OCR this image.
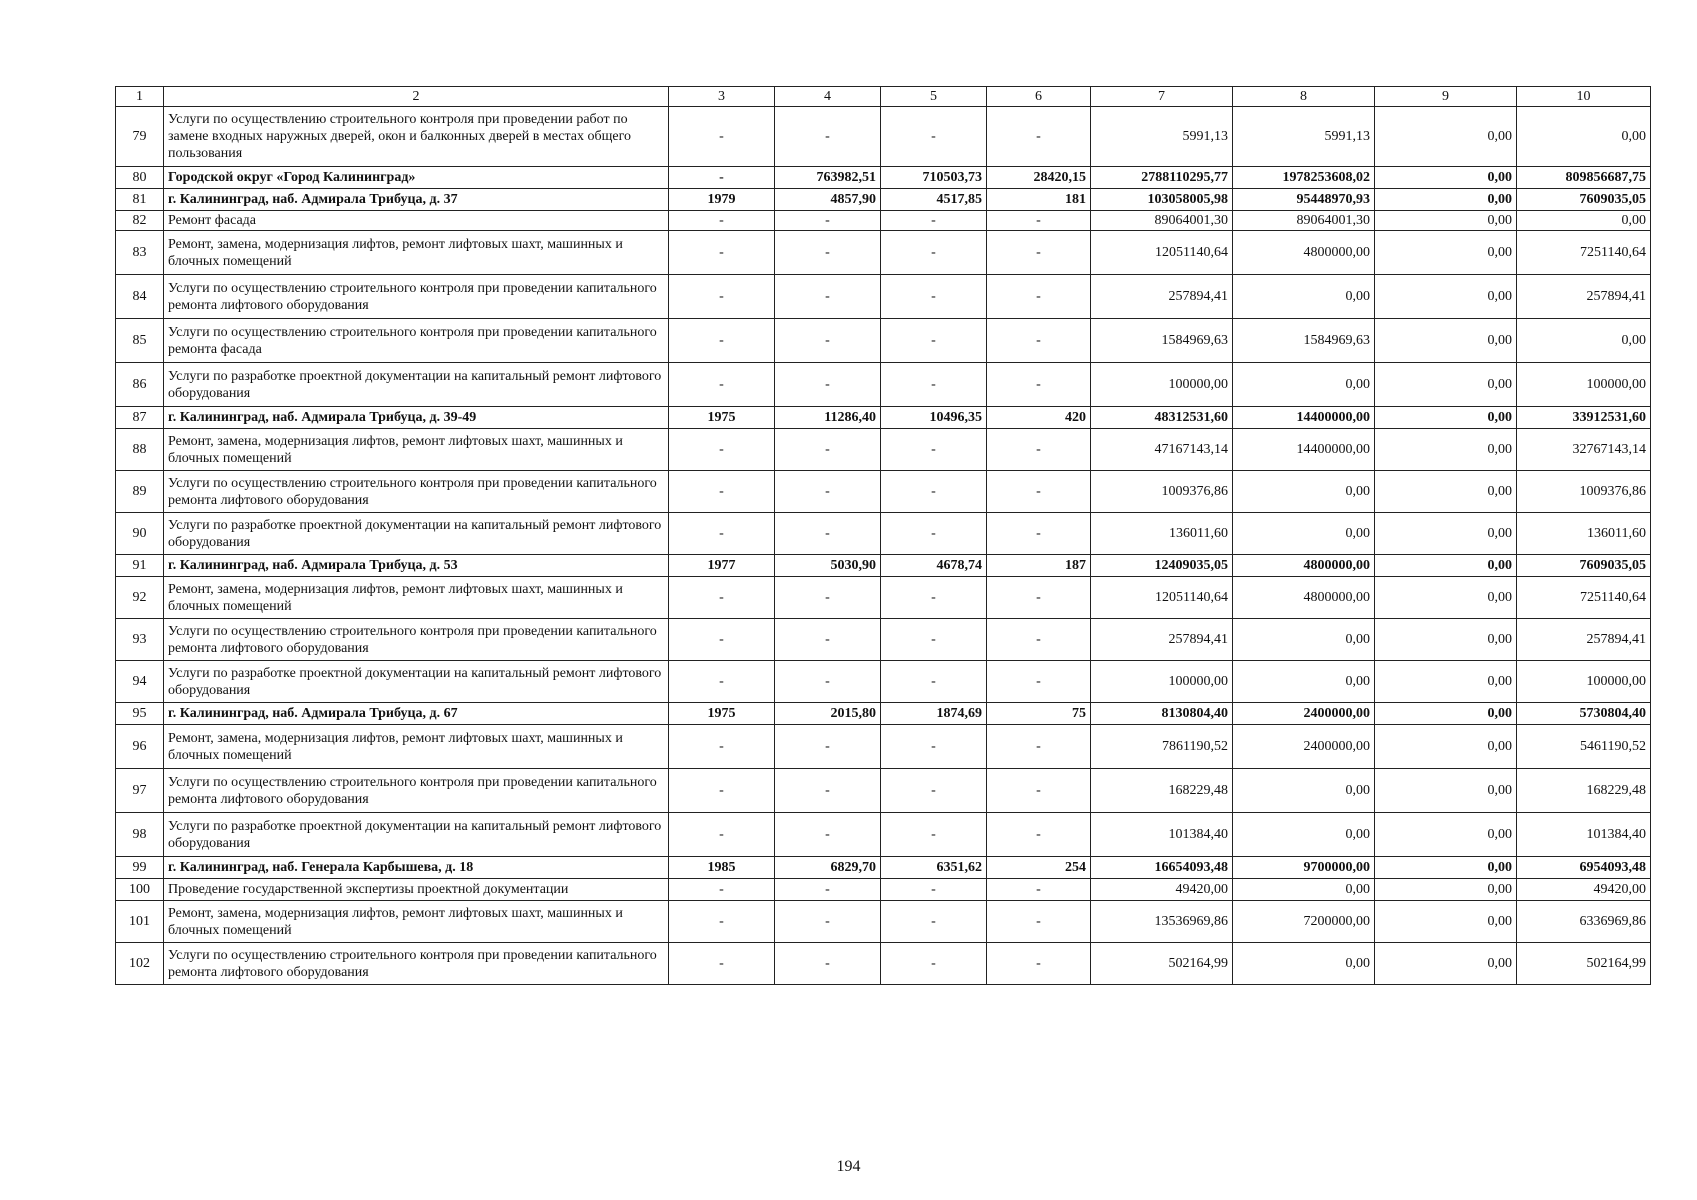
1	2	3	4	5	6	7	8	9	10
79	Услуги по осуществлению строительного контроля при проведении работ по замене входных наружных дверей, окон и балконных дверей в местах общего пользования	-	-	-	-	5991,13	5991,13	0,00	0,00
80	Городской округ «Город Калининград»	-	763982,51	710503,73	28420,15	2788110295,77	1978253608,02	0,00	809856687,75
81	г. Калининград, наб. Адмирала Трибуца, д. 37	1979	4857,90	4517,85	181	103058005,98	95448970,93	0,00	7609035,05
82	Ремонт фасада	-	-	-	-	89064001,30	89064001,30	0,00	0,00
83	Ремонт, замена, модернизация лифтов, ремонт лифтовых шахт, машинных и блочных помещений	-	-	-	-	12051140,64	4800000,00	0,00	7251140,64
84	Услуги по осуществлению строительного контроля при проведении капитального ремонта лифтового оборудования	-	-	-	-	257894,41	0,00	0,00	257894,41
85	Услуги по осуществлению строительного контроля при проведении капитального ремонта фасада	-	-	-	-	1584969,63	1584969,63	0,00	0,00
86	Услуги по разработке проектной документации на капитальный ремонт лифтового оборудования	-	-	-	-	100000,00	0,00	0,00	100000,00
87	г. Калининград, наб. Адмирала Трибуца, д. 39-49	1975	11286,40	10496,35	420	48312531,60	14400000,00	0,00	33912531,60
88	Ремонт, замена, модернизация лифтов, ремонт лифтовых шахт, машинных и блочных помещений	-	-	-	-	47167143,14	14400000,00	0,00	32767143,14
89	Услуги по осуществлению строительного контроля при проведении капитального ремонта лифтового оборудования	-	-	-	-	1009376,86	0,00	0,00	1009376,86
90	Услуги по разработке проектной документации на капитальный ремонт лифтового оборудования	-	-	-	-	136011,60	0,00	0,00	136011,60
91	г. Калининград, наб. Адмирала Трибуца, д. 53	1977	5030,90	4678,74	187	12409035,05	4800000,00	0,00	7609035,05
92	Ремонт, замена, модернизация лифтов, ремонт лифтовых шахт, машинных и блочных помещений	-	-	-	-	12051140,64	4800000,00	0,00	7251140,64
93	Услуги по осуществлению строительного контроля при проведении капитального ремонта лифтового оборудования	-	-	-	-	257894,41	0,00	0,00	257894,41
94	Услуги по разработке проектной документации на капитальный ремонт лифтового оборудования	-	-	-	-	100000,00	0,00	0,00	100000,00
95	г. Калининград, наб. Адмирала Трибуца, д. 67	1975	2015,80	1874,69	75	8130804,40	2400000,00	0,00	5730804,40
96	Ремонт, замена, модернизация лифтов, ремонт лифтовых шахт, машинных и блочных помещений	-	-	-	-	7861190,52	2400000,00	0,00	5461190,52
97	Услуги по осуществлению строительного контроля при проведении капитального ремонта лифтового оборудования	-	-	-	-	168229,48	0,00	0,00	168229,48
98	Услуги по разработке проектной документации на капитальный ремонт лифтового оборудования	-	-	-	-	101384,40	0,00	0,00	101384,40
99	г. Калининград, наб. Генерала Карбышева, д. 18	1985	6829,70	6351,62	254	16654093,48	9700000,00	0,00	6954093,48
100	Проведение государственной экспертизы проектной документации	-	-	-	-	49420,00	0,00	0,00	49420,00
101	Ремонт, замена, модернизация лифтов, ремонт лифтовых шахт, машинных и блочных помещений	-	-	-	-	13536969,86	7200000,00	0,00	6336969,86
102	Услуги по осуществлению строительного контроля при проведении капитального ремонта лифтового оборудования	-	-	-	-	502164,99	0,00	0,00	502164,99
194
